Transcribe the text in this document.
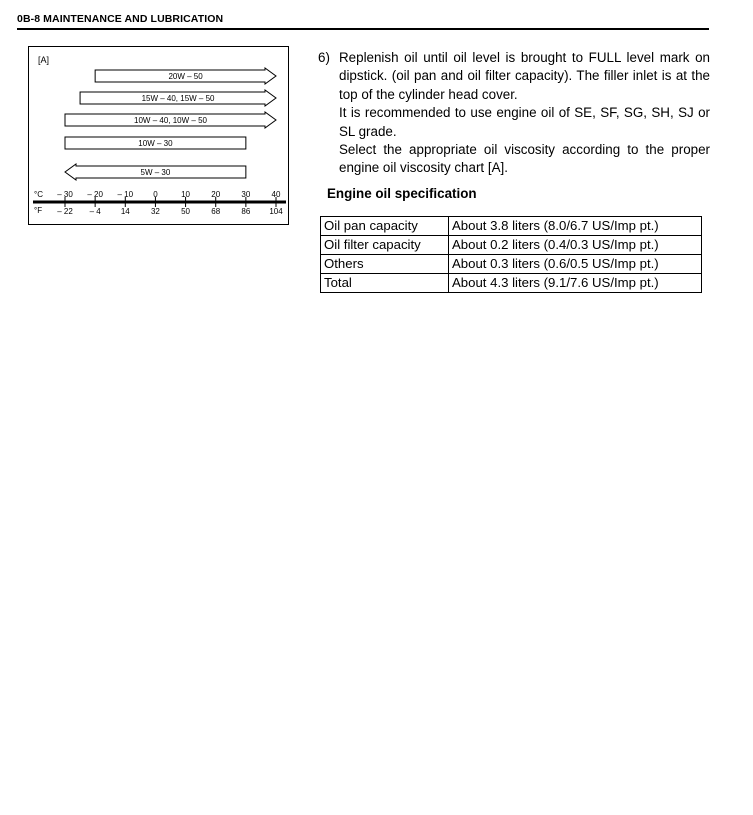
0B-8 MAINTENANCE AND LUBRICATION
[A]
20W – 50
15W – 40, 15W – 50
10W – 40, 10W – 50
10W – 30
5W – 30
°C
°F
– 30
– 22
– 20
– 4
– 10
14
0
32
10
50
20
68
30
86
40
104
6) Replenish oil until oil level is brought to FULL level mark on dipstick. (oil pan and oil filter capacity). The filler inlet is at the top of the cylinder head cover.

It is recommended to use engine oil of SE, SF, SG, SH, SJ or SL grade.

Select the appropriate oil viscosity according to the proper engine oil viscosity chart [A].

Engine oil specification
Oil pan capacity	About 3.8 liters (8.0/6.7 US/Imp pt.)
Oil filter capacity	About 0.2 liters (0.4/0.3 US/Imp pt.)
Others	About 0.3 liters (0.6/0.5 US/Imp pt.)
Total	About 4.3 liters (9.1/7.6 US/Imp pt.)
